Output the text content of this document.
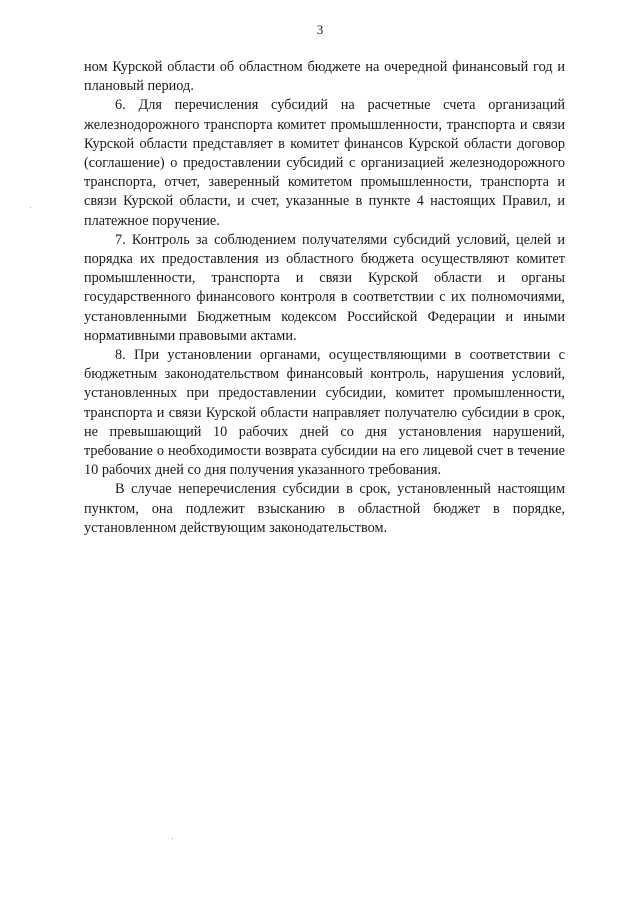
3

ном Курской области об областном бюджете на очередной финансовый год и плановый период.

6. Для перечисления субсидий на расчетные счета организаций железнодорожного транспорта комитет промышленности, транспорта и связи Курской области представляет в комитет финансов Курской области договор (соглашение) о предоставлении субсидий с организацией железнодорожного транспорта, отчет, заверенный комитетом промышленности, транспорта и связи Курской области, и счет, указанные в пункте 4 настоящих Правил, и платежное поручение.

7. Контроль за соблюдением получателями субсидий условий, целей и порядка их предоставления из областного бюджета осуществляют комитет промышленности, транспорта и связи Курской области и органы государственного финансового контроля в соответствии с их полномочиями, установленными Бюджетным кодексом Российской Федерации и иными нормативными правовыми актами.

8. При установлении органами, осуществляющими в соответствии с бюджетным законодательством финансовый контроль, нарушения условий, установленных при предоставлении субсидии, комитет промышленности, транспорта и связи Курской области направляет получателю субсидии в срок, не превышающий 10 рабочих дней со дня установления нарушений, требование о необходимости возврата субсидии на его лицевой счет в течение 10 рабочих дней со дня получения указанного требования.

В случае неперечисления субсидии в срок, установленный настоящим пунктом, она подлежит взысканию в областной бюджет в порядке, установленном действующим законодательством.
